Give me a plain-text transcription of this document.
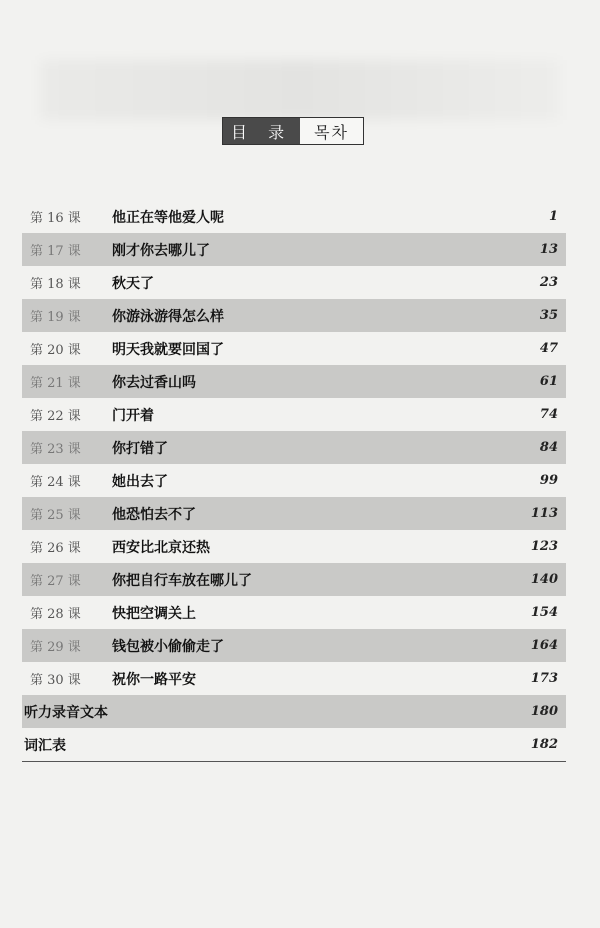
目 录	목차
第 16 课	他正在等他爱人呢	1
第 17 课	刚才你去哪儿了	13
第 18 课	秋天了	23
第 19 课	你游泳游得怎么样	35
第 20 课	明天我就要回国了	47
第 21 课	你去过香山吗	61
第 22 课	门开着	74
第 23 课	你打错了	84
第 24 课	她出去了	99
第 25 课	他恐怕去不了	113
第 26 课	西安比北京还热	123
第 27 课	你把自行车放在哪儿了	140
第 28 课	快把空调关上	154
第 29 课	钱包被小偷偷走了	164
第 30 课	祝你一路平安	173
听力录音文本	180
词汇表	182
